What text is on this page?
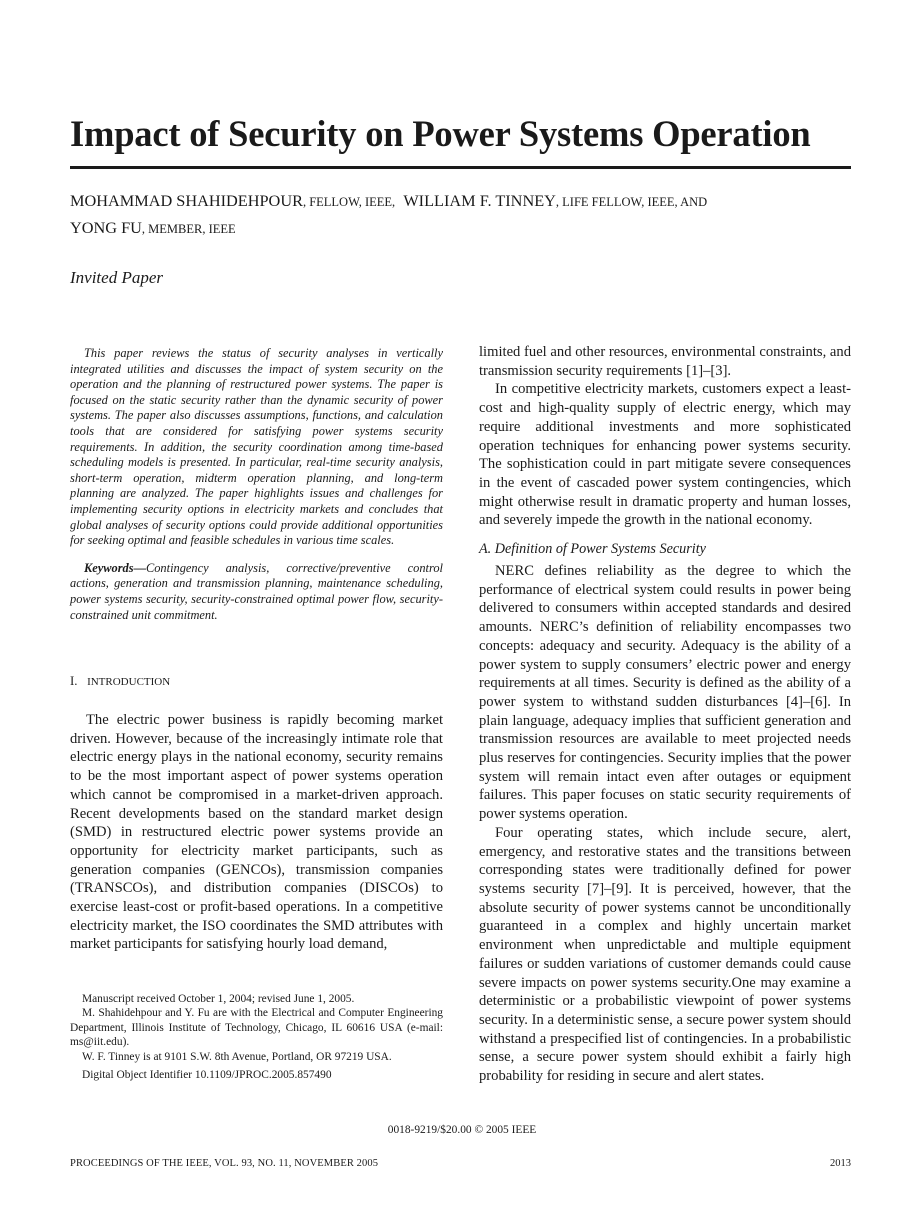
Impact of Security on Power Systems Operation
MOHAMMAD SHAHIDEHPOUR, FELLOW, IEEE, WILLIAM F. TINNEY, LIFE FELLOW, IEEE, AND
YONG FU, MEMBER, IEEE
Invited Paper

This paper reviews the status of security analyses in vertically integrated utilities and discusses the impact of system security on the operation and the planning of restructured power systems. The paper is focused on the static security rather than the dynamic security of power systems. The paper also discusses assumptions, functions, and calculation tools that are considered for satisfying power systems security requirements. In addition, the security coordination among time-based scheduling models is presented. In particular, real-time security analysis, short-term operation, midterm operation planning, and long-term planning are analyzed. The paper highlights issues and challenges for implementing security options in electricity markets and concludes that global analyses of security options could provide additional opportunities for seeking optimal and feasible schedules in various time scales.

Keywords—Contingency analysis, corrective/preventive control actions, generation and transmission planning, maintenance scheduling, power systems security, security-constrained optimal power flow, security-constrained unit commitment.

I. INTRODUCTION

The electric power business is rapidly becoming market driven. However, because of the increasingly intimate role that electric energy plays in the national economy, security remains to be the most important aspect of power systems operation which cannot be compromised in a market-driven approach. Recent developments based on the standard market design (SMD) in restructured electric power systems provide an opportunity for electricity market participants, such as generation companies (GENCOs), transmission companies (TRANSCOs), and distribution companies (DISCOs) to exercise least-cost or profit-based operations. In a competitive electricity market, the ISO coordinates the SMD attributes with market participants for satisfying hourly load demand,

Manuscript received October 1, 2004; revised June 1, 2005.

M. Shahidehpour and Y. Fu are with the Electrical and Computer Engineering Department, Illinois Institute of Technology, Chicago, IL 60616 USA (e-mail: ms@iit.edu).

W. F. Tinney is at 9101 S.W. 8th Avenue, Portland, OR 97219 USA.

Digital Object Identifier 10.1109/JPROC.2005.857490

limited fuel and other resources, environmental constraints, and transmission security requirements [1]–[3].

In competitive electricity markets, customers expect a least-cost and high-quality supply of electric energy, which may require additional investments and more sophisticated operation techniques for enhancing power systems security. The sophistication could in part mitigate severe consequences in the event of cascaded power system contingencies, which might otherwise result in dramatic property and human losses, and severely impede the growth in the national economy.

A. Definition of Power Systems Security

NERC defines reliability as the degree to which the performance of electrical system could results in power being delivered to consumers within accepted standards and desired amounts. NERC’s definition of reliability encompasses two concepts: adequacy and security. Adequacy is the ability of a power system to supply consumers’ electric power and energy requirements at all times. Security is defined as the ability of a power system to withstand sudden disturbances [4]–[6]. In plain language, adequacy implies that sufficient generation and transmission resources are available to meet projected needs plus reserves for contingencies. Security implies that the power system will remain intact even after outages or equipment failures. This paper focuses on static security requirements of power systems operation.

Four operating states, which include secure, alert, emergency, and restorative states and the transitions between corresponding states were traditionally defined for power systems security [7]–[9]. It is perceived, however, that the absolute security of power systems cannot be unconditionally guaranteed in a complex and highly uncertain market environment when unpredictable and multiple equipment failures or sudden variations of customer demands could cause severe impacts on power systems security.One may examine a deterministic or a probabilistic viewpoint of power systems security. In a deterministic sense, a secure power system should withstand a prespecified list of contingencies. In a probabilistic sense, a secure power system should exhibit a fairly high probability for residing in secure and alert states.

0018-9219/$20.00 © 2005 IEEE
PROCEEDINGS OF THE IEEE, VOL. 93, NO. 11, NOVEMBER 2005	2013
